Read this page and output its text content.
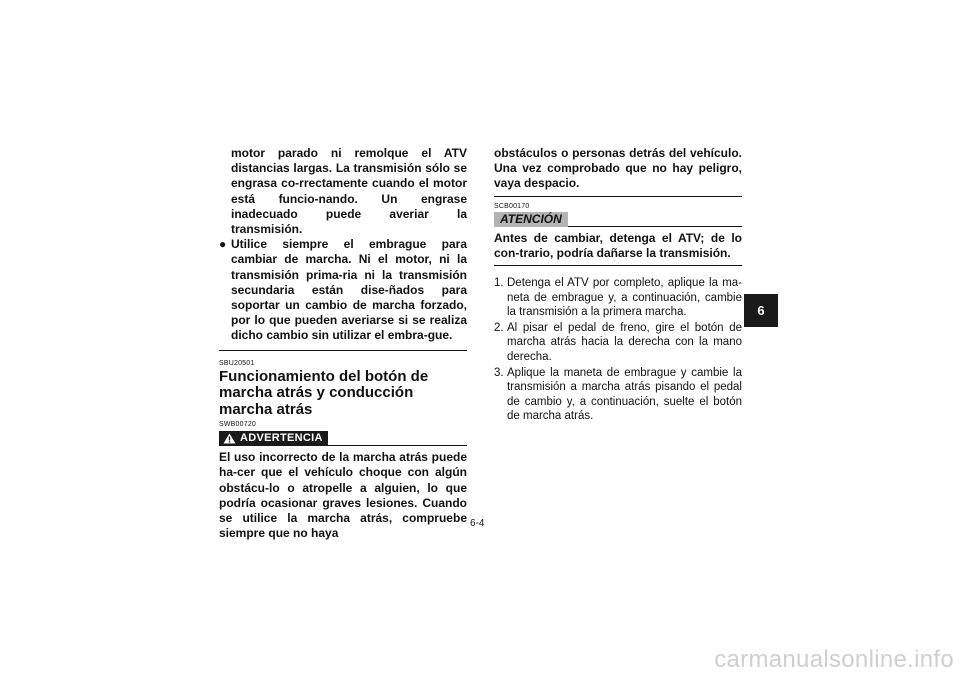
motor parado ni remolque el ATV distancias largas. La transmisión sólo se engrasa co-rrectamente cuando el motor está funcio-nando. Un engrase inadecuado puede averiar la transmisión.

● Utilice siempre el embrague para cambiar de marcha. Ni el motor, ni la transmisión prima-ria ni la transmisión secundaria están dise-ñados para soportar un cambio de marcha forzado, por lo que pueden averiarse si se realiza dicho cambio sin utilizar el embra-gue.
SBU20501
Funcionamiento del botón de marcha atrás y conducción marcha atrás
SWB00720
ADVERTENCIA

El uso incorrecto de la marcha atrás puede ha-cer que el vehículo choque con algún obstácu-lo o atropelle a alguien, lo que podría ocasionar graves lesiones. Cuando se utilice la marcha atrás, compruebe siempre que no haya

obstáculos o personas detrás del vehículo. Una vez comprobado que no hay peligro, vaya despacio.

SCB00170
ATENCIÓN

Antes de cambiar, detenga el ATV; de lo con-trario, podría dañarse la transmisión.

1. Detenga el ATV por completo, aplique la ma-neta de embrague y, a continuación, cambie la transmisión a la primera marcha.
2. Al pisar el pedal de freno, gire el botón de marcha atrás hacia la derecha con la mano derecha.
3. Aplique la maneta de embrague y cambie la transmisión a marcha atrás pisando el pedal de cambio y, a continuación, suelte el botón de marcha atrás.
6-4
6
carmanualsonline.info
